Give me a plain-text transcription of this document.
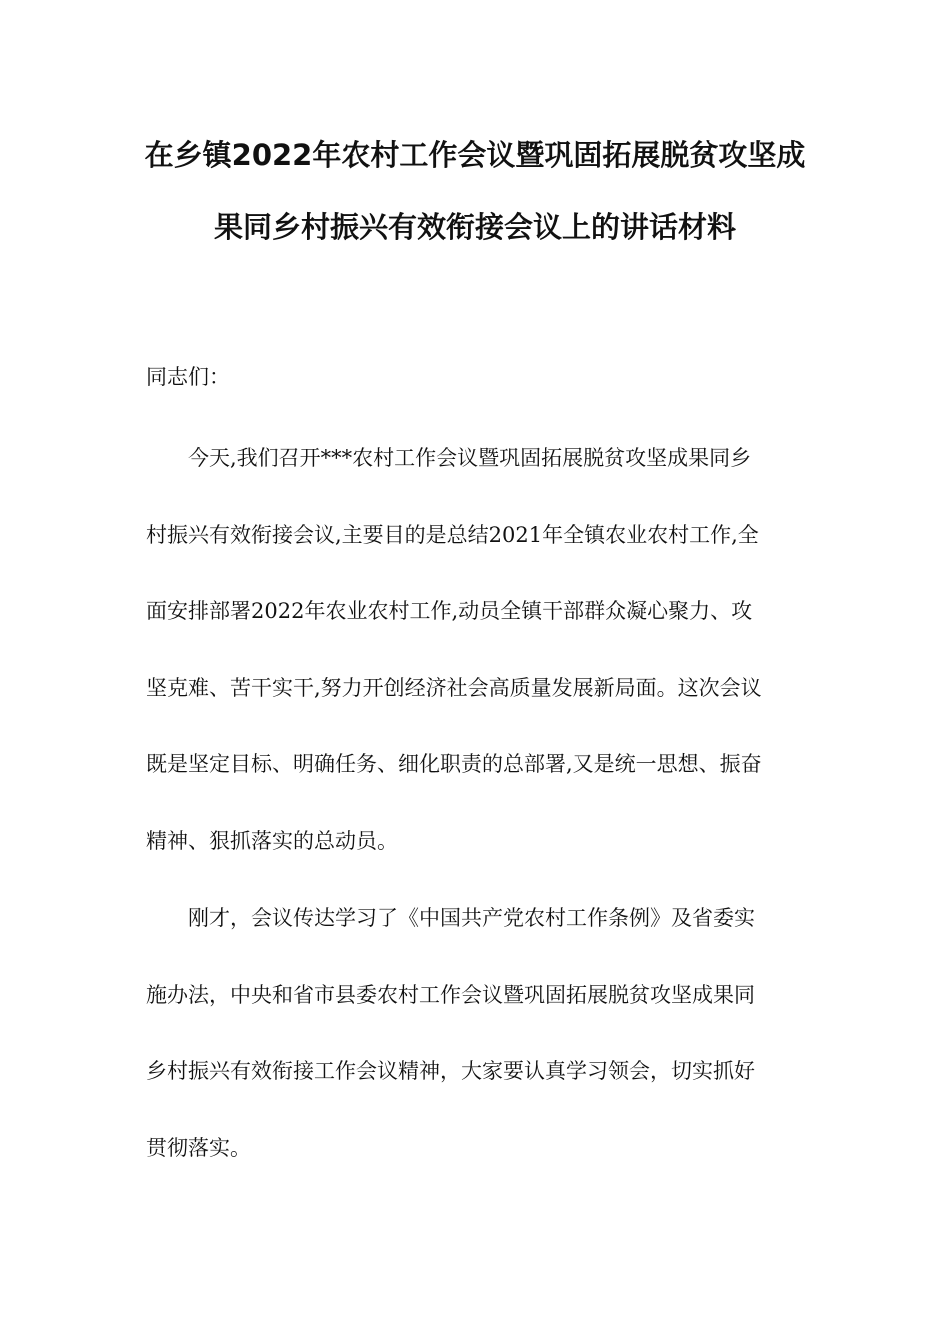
在乡镇2022年农村工作会议暨巩固拓展脱贫攻坚成
果同乡村振兴有效衔接会议上的讲话材料
同志们：
今天,我们召开***农村工作会议暨巩固拓展脱贫攻坚成果同乡
村振兴有效衔接会议,主要目的是总结2021年全镇农业农村工作,全
面安排部署2022年农业农村工作,动员全镇干部群众凝心聚力、攻
坚克难、苦干实干,努力开创经济社会高质量发展新局面。这次会议
既是坚定目标、明确任务、细化职责的总部署,又是统一思想、振奋
精神、狠抓落实的总动员。
刚才，会议传达学习了《中国共产党农村工作条例》及省委实
施办法，中央和省市县委农村工作会议暨巩固拓展脱贫攻坚成果同
乡村振兴有效衔接工作会议精神，大家要认真学习领会，切实抓好
贯彻落实。
